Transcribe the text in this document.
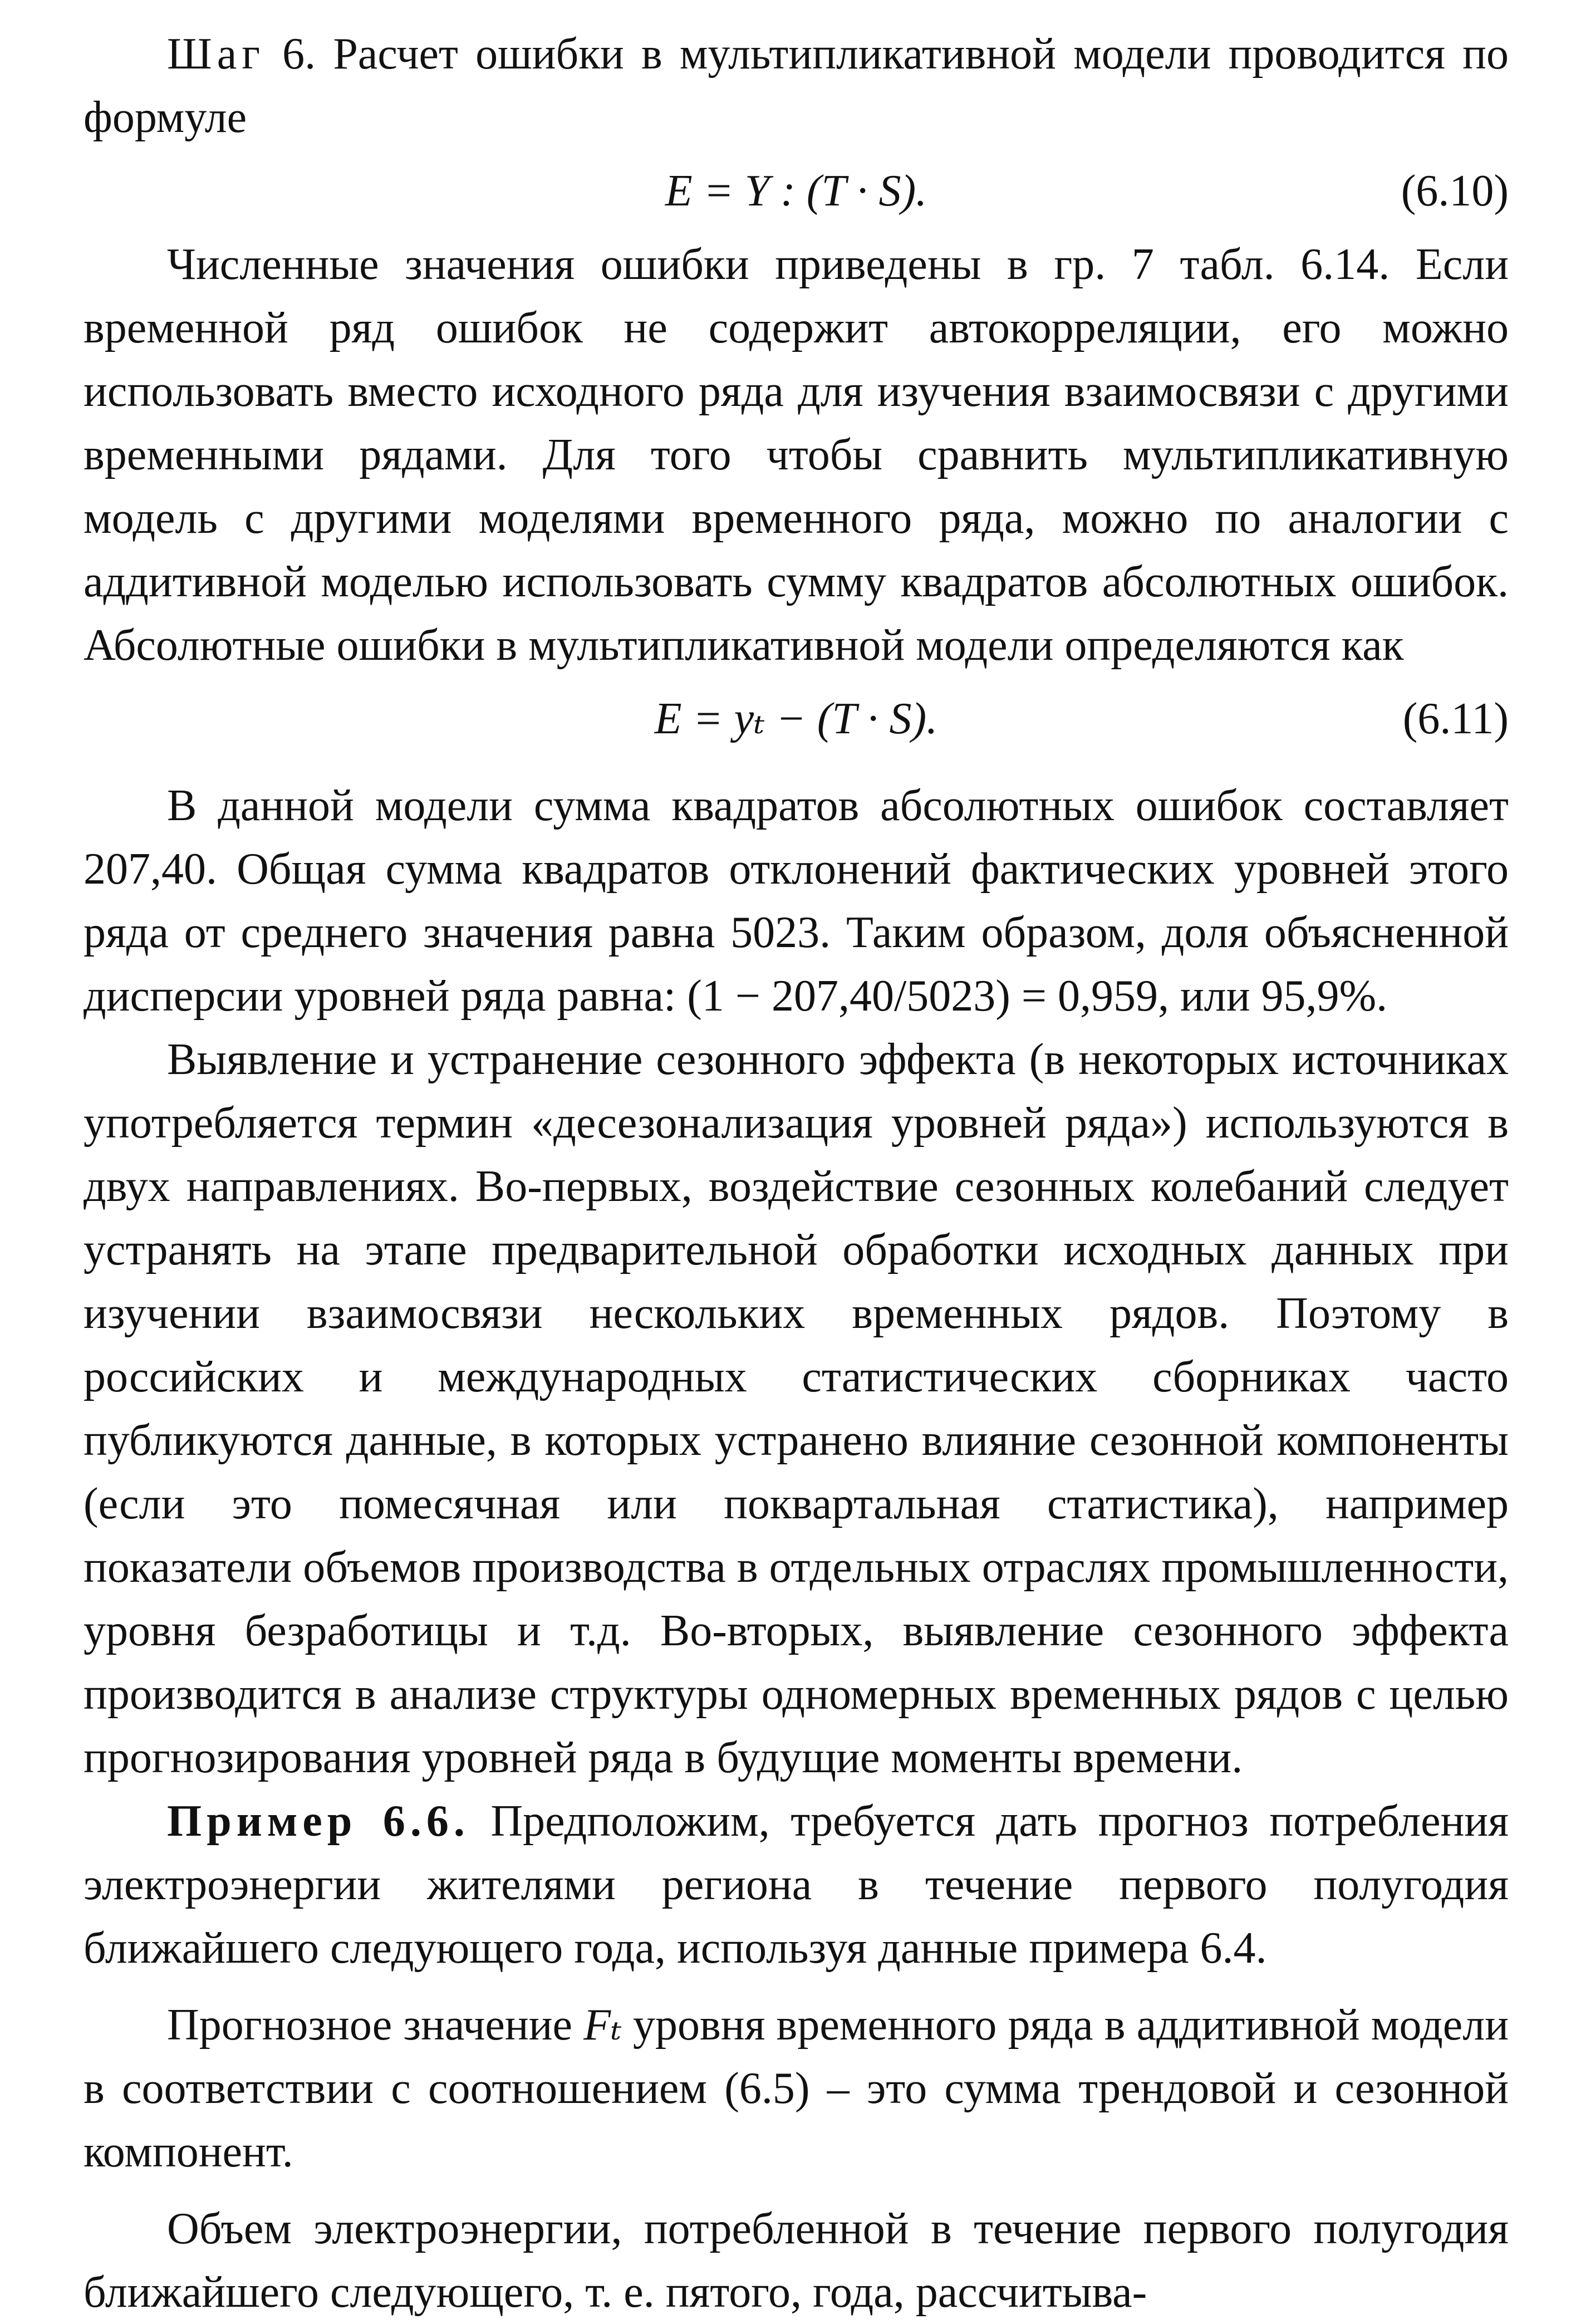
Шаг 6. Расчет ошибки в мультипликативной модели проводится по формуле

E = Y : (T · S).	(6.10)

Численные значения ошибки приведены в гр. 7 табл. 6.14. Если временной ряд ошибок не содержит автокорреляции, его можно использовать вместо исходного ряда для изучения взаимосвязи с другими временными рядами. Для того чтобы сравнить мультипликативную модель с другими моделями временного ряда, можно по аналогии с аддитивной моделью использовать сумму квадратов абсолютных ошибок. Абсолютные ошибки в мультипликативной модели определяются как

E = yₜ − (T · S).	(6.11)

В данной модели сумма квадратов абсолютных ошибок составляет 207,40. Общая сумма квадратов отклонений фактических уровней этого ряда от среднего значения равна 5023. Таким образом, доля объясненной дисперсии уровней ряда равна: (1 − 207,40/5023) = 0,959, или 95,9%.

Выявление и устранение сезонного эффекта (в некоторых источниках употребляется термин «десезонализация уровней ряда») используются в двух направлениях. Во-первых, воздействие сезонных колебаний следует устранять на этапе предварительной обработки исходных данных при изучении взаимосвязи нескольких временных рядов. Поэтому в российских и международных статистических сборниках часто публикуются данные, в которых устранено влияние сезонной компоненты (если это помесячная или поквартальная статистика), например показатели объемов производства в отдельных отраслях промышленности, уровня безработицы и т.д. Во-вторых, выявление сезонного эффекта производится в анализе структуры одномерных временных рядов с целью прогнозирования уровней ряда в будущие моменты времени.

Пример 6.6. Предположим, требуется дать прогноз потребления электроэнергии жителями региона в течение первого полугодия ближайшего следующего года, используя данные примера 6.4.

Прогнозное значение Fₜ уровня временного ряда в аддитивной модели в соответствии с соотношением (6.5) – это сумма трендовой и сезонной компонент.

Объем электроэнергии, потребленной в течение первого полугодия ближайшего следующего, т. е. пятого, года, рассчитыва-
